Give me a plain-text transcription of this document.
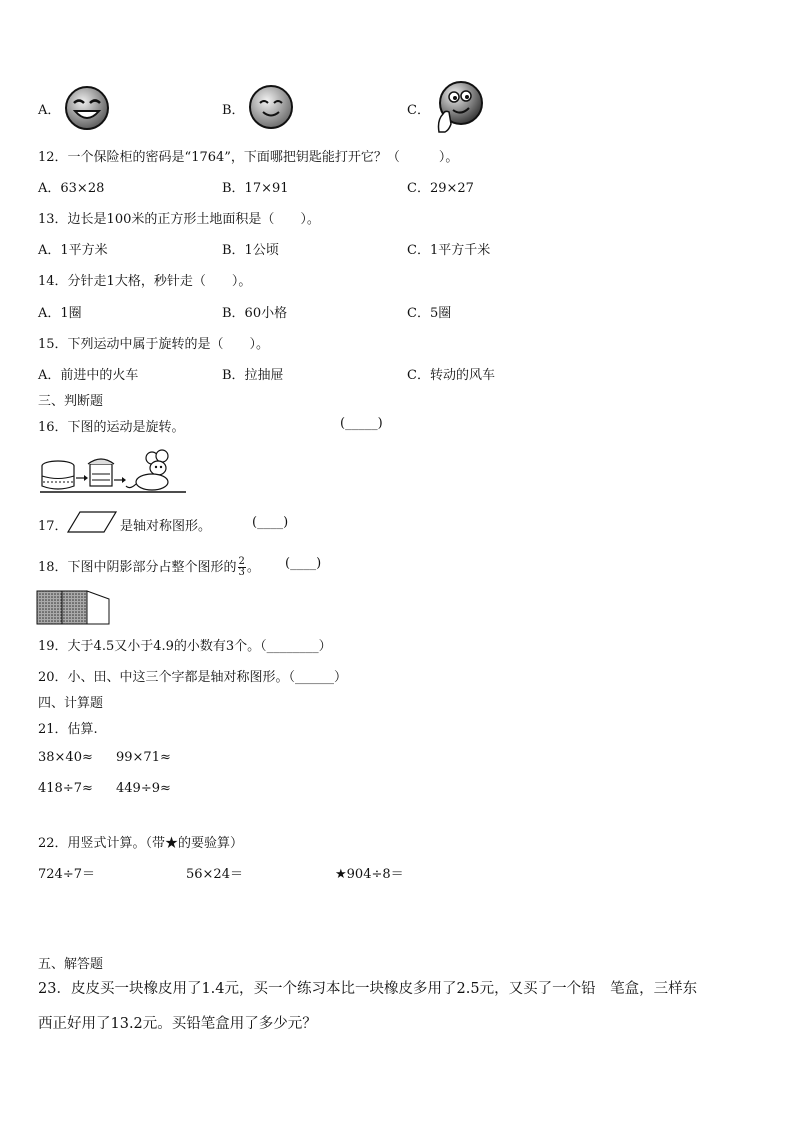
A．	B．	C．
12．一个保险柜的密码是“1764”，下面哪把钥匙能打开它？（　　　）。
A．63×28	B．17×91	C．29×27
13．边长是100米的正方形土地面积是（　　）。
A．1平方米	B．1公顷	C．1平方千米
14．分针走1大格，秒针走（　　）。
A．1圈	B．60小格	C．5圈
15．下列运动中属于旋转的是（　　）。
A．前进中的火车	B．拉抽屉	C．转动的风车
三、判断题
16．下图的运动是旋转。	(_____)
17．	是轴对称图形。	(____)
18．下图中阴影部分占整个图形的 $\frac{2}{3}$ 。 (____)
19．大于4.5又小于4.9的小数有3个。（________）
20．小、田、中这三个字都是轴对称图形。（______）
四、计算题
21．估算.
38×40≈ 99×71≈
418÷7≈ 449÷9≈
22．用竖式计算。（带★的要验算）
724÷7＝	56×24＝	★904÷8＝
五、解答题
23．皮皮买一块橡皮用了1.4元，买一个练习本比一块橡皮多用了2.5元，又买了一个铅　笔盒，三样东
西正好用了13.2元。买铅笔盒用了多少元？
